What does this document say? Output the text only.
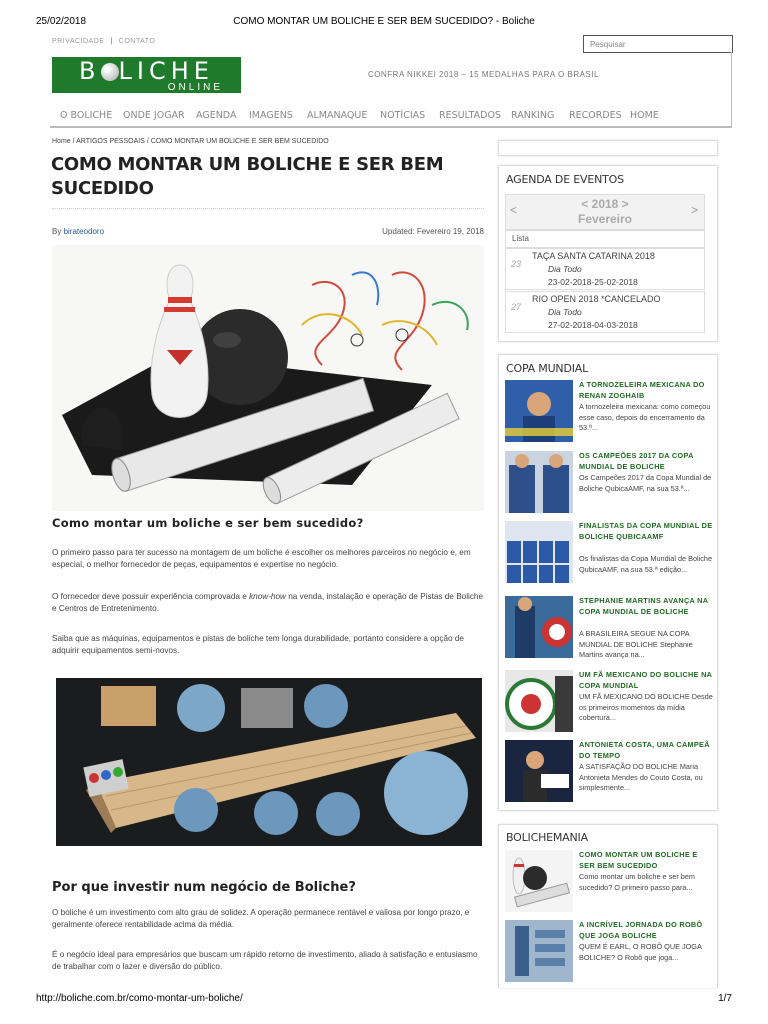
25/02/2018	COMO MONTAR UM BOLICHE E SER BEM SUCEDIDO? - Boliche
http://boliche.com.br/como-montar-um-boliche/	1/7
PRIVACIDADE | CONTATO	Pesquisar
B LICHE
ONLINE
CONFRA NIKKEI 2018 – 15 MEDALHAS PARA O BRASIL
O BOLICHE ONDE JOGAR AGENDA IMAGENS ALMANAQUE NOTÍCIAS RESULTADOS RANKING RECORDES HOME
Home / ARTIGOS PESSOAIS / COMO MONTAR UM BOLICHE E SER BEM SUCEDIDO
COMO MONTAR UM BOLICHE E SER BEM SUCEDIDO
By birateodoro	Updated: Fevereiro 19, 2018
Como montar um boliche e ser bem sucedido?

O primeiro passo para ter sucesso na montagem de um boliche é escolher os melhores parceiros no negócio e, em especial, o melhor fornecedor de peças, equipamentos e expertise no negócio.

O fornecedor deve possuir experiência comprovada e know-how na venda, instalação e operação de Pistas de Boliche e Centros de Entretenimento.

Saiba que as máquinas, equipamentos e pistas de boliche tem longa durabilidade, portanto considere a opção de adquirir equipamentos semi-novos.

Por que investir num negócio de Boliche?

O boliche é um investimento com alto grau de solidez. A operação permanece rentável e valiosa por longo prazo, e geralmente oferece rentabilidade acima da média.

É o negócio ideal para empresários que buscam um rápido retorno de investimento, aliado à satisfação e entusiasmo de trabalhar com o lazer e diversão do público.

AGENDA DE EVENTOS
<	< 2018 >
Fevereiro
>
Lista
23
TAÇA SANTA CATARINA 2018
Dia Todo
23-02-2018-25-02-2018
27
RIO OPEN 2018 *CANCELADO
Dia Todo
27-02-2018-04-03-2018
COPA MUNDIAL
A TORNOZELEIRA MEXICANA DO RENAN ZOGHAIB
A tornozeleira mexicana: como começou esse caso, depois do encerramento da 53.ª...
OS CAMPEÕES 2017 DA COPA MUNDIAL DE BOLICHE
Os Campeões 2017 da Copa Mundial de Boliche QubicaAMF, na sua 53.ª...
FINALISTAS DA COPA MUNDIAL DE BOLICHE QUBICAAMF
Os finalistas da Copa Mundial de Boliche QubicaAMF, na sua 53.ª edição...
STEPHANIE MARTINS AVANÇA NA COPA MUNDIAL DE BOLICHE
A BRASILEIRA SEGUE NA COPA MUNDIAL DE BOLICHE Stephanie Martins avança na...
UM FÃ MEXICANO DO BOLICHE NA COPA MUNDIAL
UM FÃ MEXICANO DO BOLICHE Desde os primeiros momentos da mídia cobertura...
ANTONIETA COSTA, UMA CAMPEÃ DO TEMPO
A SATISFAÇÃO DO BOLICHE Maria Antonieta Mendes do Couto Costa, ou simplesmente...
BOLICHEMANIA
COMO MONTAR UM BOLICHE E SER BEM SUCEDIDO
Como montar um boliche e ser bem sucedido? O primeiro passo para...
A INCRÍVEL JORNADA DO ROBÔ QUE JOGA BOLICHE
QUEM É EARL, O ROBÔ QUE JOGA BOLICHE? O Robô que joga...
